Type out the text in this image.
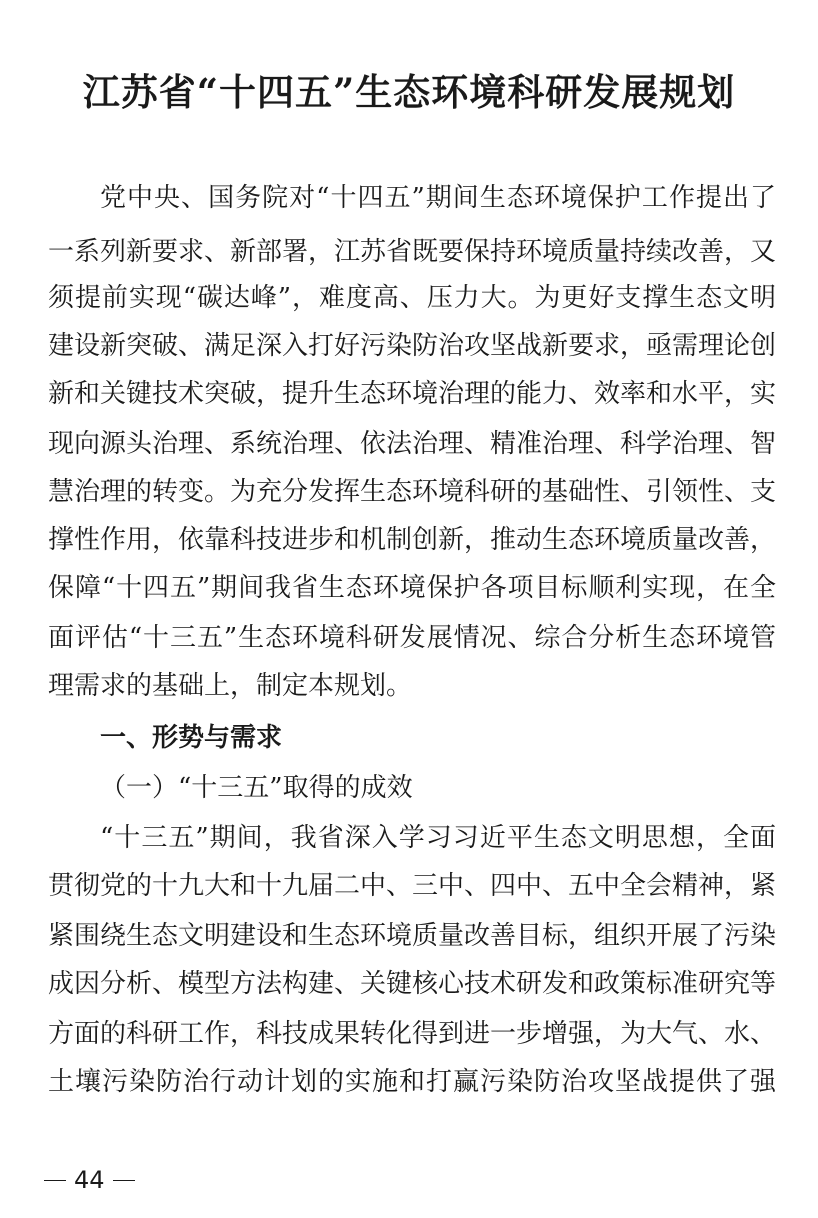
江苏省“十四五”生态环境科研发展规划
党中央、国务院对“十四五”期间生态环境保护工作提出了
一系列新要求、新部署，江苏省既要保持环境质量持续改善，又
须提前实现“碳达峰”，难度高、压力大。为更好支撑生态文明
建设新突破、满足深入打好污染防治攻坚战新要求，亟需理论创
新和关键技术突破，提升生态环境治理的能力、效率和水平，实
现向源头治理、系统治理、依法治理、精准治理、科学治理、智
慧治理的转变。为充分发挥生态环境科研的基础性、引领性、支
撑性作用，依靠科技进步和机制创新，推动生态环境质量改善，
保障“十四五”期间我省生态环境保护各项目标顺利实现，在全
面评估“十三五”生态环境科研发展情况、综合分析生态环境管
理需求的基础上，制定本规划。
一、形势与需求
（一）“十三五”取得的成效
“十三五”期间，我省深入学习习近平生态文明思想，全面
贯彻党的十九大和十九届二中、三中、四中、五中全会精神，紧
紧围绕生态文明建设和生态环境质量改善目标，组织开展了污染
成因分析、模型方法构建、关键核心技术研发和政策标准研究等
方面的科研工作，科技成果转化得到进一步增强，为大气、水、
土壤污染防治行动计划的实施和打赢污染防治攻坚战提供了强
44
